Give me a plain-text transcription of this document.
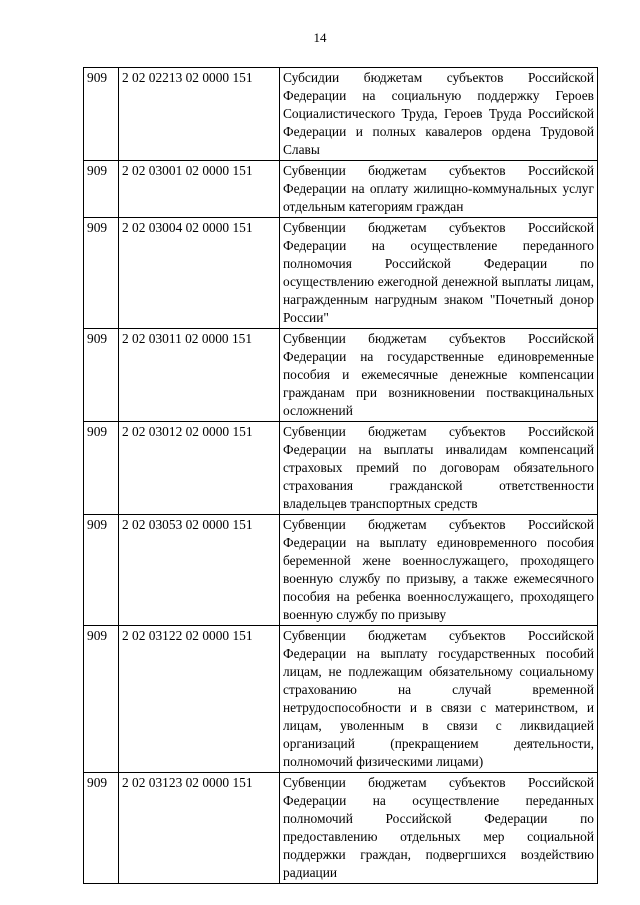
14
909	2 02 02213 02 0000 151	Субсидии бюджетам субъектов Российской Федерации на социальную поддержку Героев Социалистического Труда, Героев Труда Российской Федерации и полных кавалеров ордена Трудовой Славы
909	2 02 03001 02 0000 151	Субвенции бюджетам субъектов Российской Федерации на оплату жилищно-коммунальных услуг отдельным категориям граждан
909	2 02 03004 02 0000 151	Субвенции бюджетам субъектов Российской Федерации на осуществление переданного полномочия Российской Федерации по осуществлению ежегодной денежной выплаты лицам, награжденным нагрудным знаком "Почетный донор России"
909	2 02 03011 02 0000 151	Субвенции бюджетам субъектов Российской Федерации на государственные единовременные пособия и ежемесячные денежные компенсации гражданам при возникновении поствакцинальных осложнений
909	2 02 03012 02 0000 151	Субвенции бюджетам субъектов Российской Федерации на выплаты инвалидам компенсаций страховых премий по договорам обязательного страхования гражданской ответственности владельцев транспортных средств
909	2 02 03053 02 0000 151	Субвенции бюджетам субъектов Российской Федерации на выплату единовременного пособия беременной жене военнослужащего, проходящего военную службу по призыву, а также ежемесячного пособия на ребенка военнослужащего, проходящего военную службу по призыву
909	2 02 03122 02 0000 151	Субвенции бюджетам субъектов Российской Федерации на выплату государственных пособий лицам, не подлежащим обязательному социальному страхованию на случай временной нетрудоспособности и в связи с материнством, и лицам, уволенным в связи с ликвидацией организаций (прекращением деятельности, полномочий физическими лицами)
909	2 02 03123 02 0000 151	Субвенции бюджетам субъектов Российской Федерации на осуществление переданных полномочий Российской Федерации по предоставлению отдельных мер социальной поддержки граждан, подвергшихся воздействию радиации
